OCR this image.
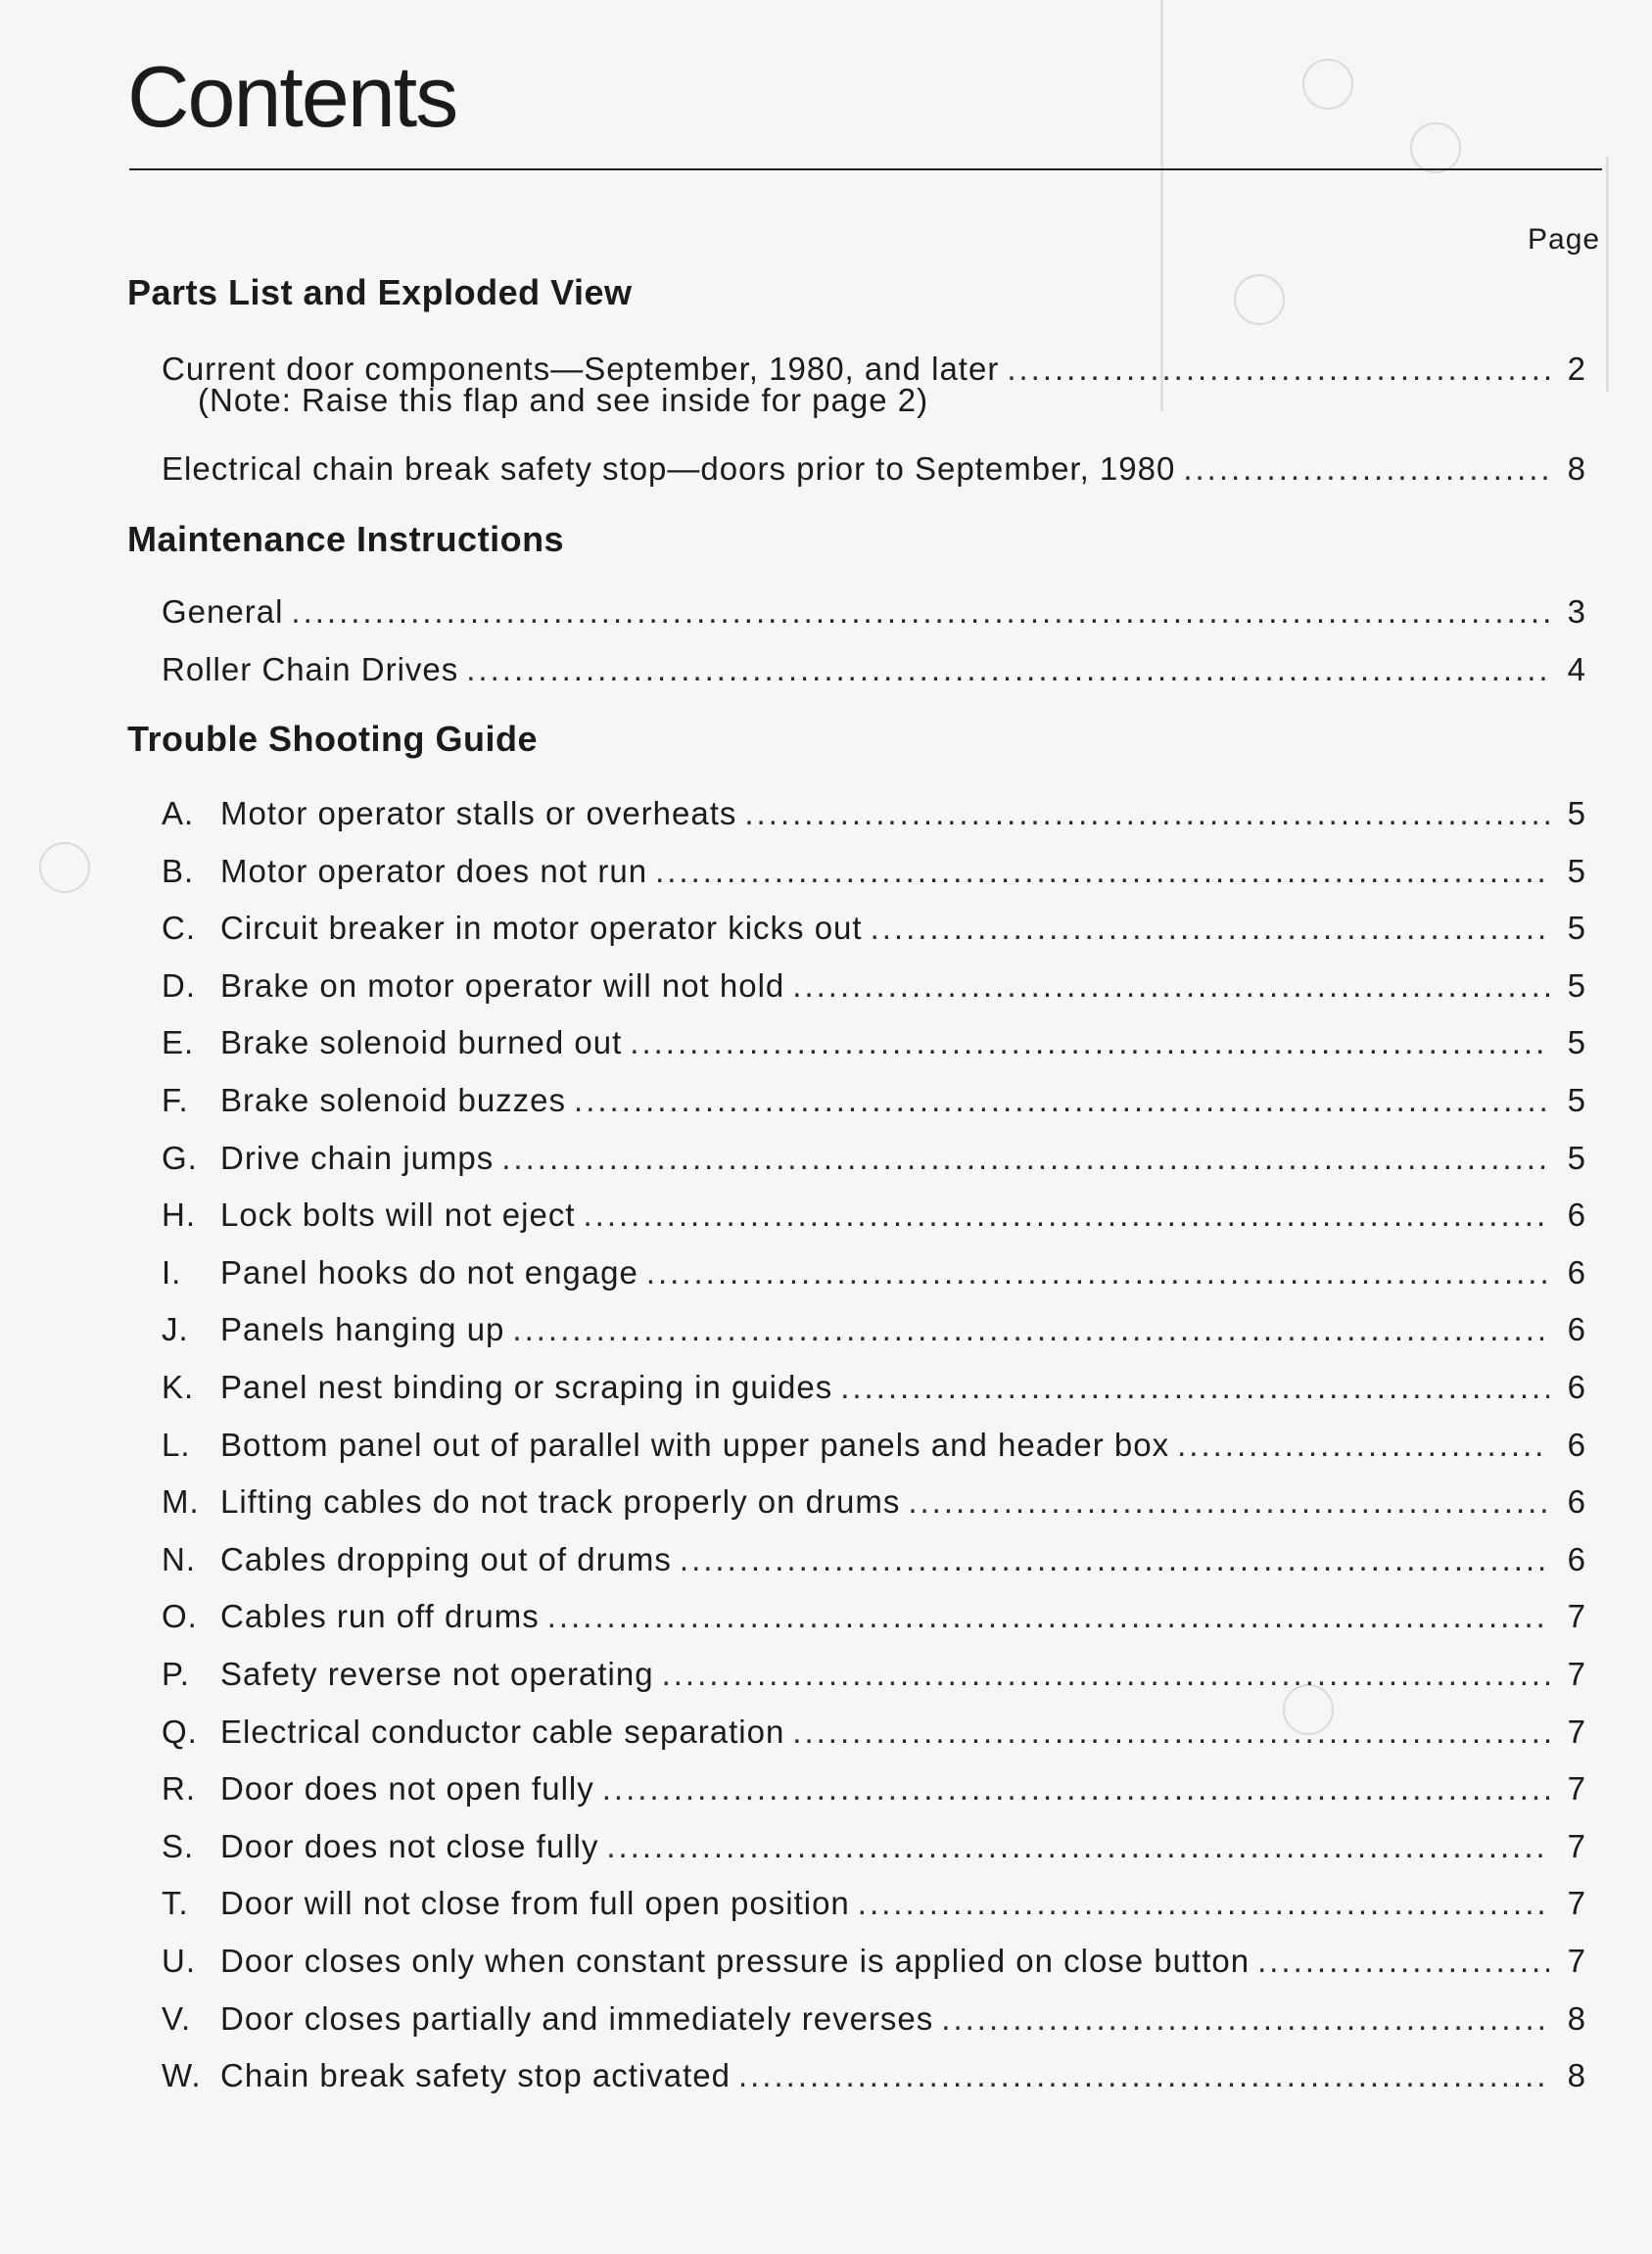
Contents
Page
Parts List and Exploded View
Current door components—September, 1980, and later .....	2
(Note: Raise this flap and see inside for page 2)
Electrical chain break safety stop—doors prior to September, 1980 .....	8
Maintenance Instructions
General .....	3
Roller Chain Drives .....	4
Trouble Shooting Guide
A. Motor operator stalls or overheats .....	5
B. Motor operator does not run .....	5
C. Circuit breaker in motor operator kicks out .....	5
D. Brake on motor operator will not hold .....	5
E. Brake solenoid burned out .....	5
F. Brake solenoid buzzes .....	5
G. Drive chain jumps .....	5
H. Lock bolts will not eject .....	6
I.	Panel hooks do not engage .....	6
J. Panels hanging up .....	6
K. Panel nest binding or scraping in guides .....	6
L. Bottom panel out of parallel with upper panels and header box .....	6
M. Lifting cables do not track properly on drums .....	6
N. Cables dropping out of drums .....	6
O. Cables run off drums .....	7
P. Safety reverse not operating .....	7
Q. Electrical conductor cable separation .....	7
R. Door does not open fully .....	7
S. Door does not close fully .....	7
T. Door will not close from full open position .....	7
U. Door closes only when constant pressure is applied on close button .....	7
V. Door closes partially and immediately reverses .....	8
W. Chain break safety stop activated .....	8
